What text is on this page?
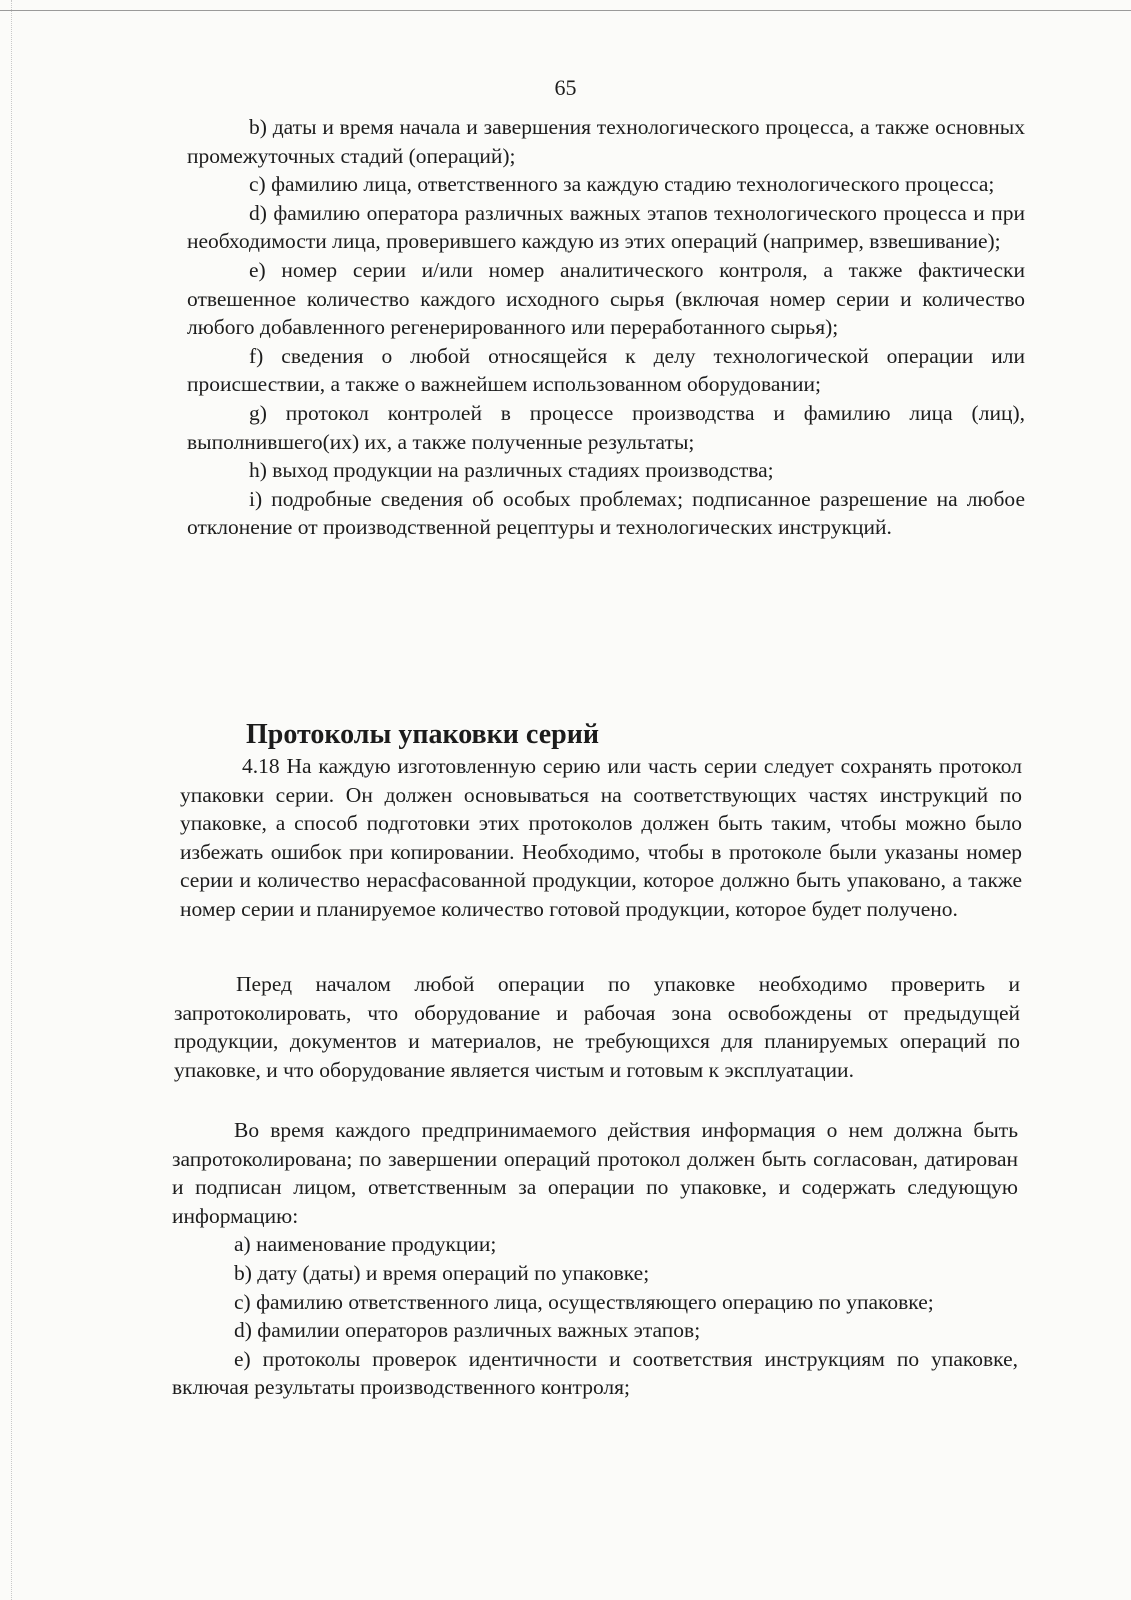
65

b) даты и время начала и завершения технологического процесса, а также основных промежуточных стадий (операций);

c) фамилию лица, ответственного за каждую стадию технологического процесса;

d) фамилию оператора различных важных этапов технологического процесса и при необходимости лица, проверившего каждую из этих операций (например, взвешивание);

e) номер серии и/или номер аналитического контроля, а также фактически отвешенное количество каждого исходного сырья (включая номер серии и количество любого добавленного регенерированного или переработанного сырья);

f) сведения о любой относящейся к делу технологической операции или происшествии, а также о важнейшем использованном оборудовании;

g) протокол контролей в процессе производства и фамилию лица (лиц), выполнившего(их) их, а также полученные результаты;

h) выход продукции на различных стадиях производства;

i) подробные сведения об особых проблемах; подписанное разрешение на любое отклонение от производственной рецептуры и технологических инструкций.

Протоколы упаковки серий

4.18 На каждую изготовленную серию или часть серии следует сохранять протокол упаковки серии. Он должен основываться на соответствующих частях инструкций по упаковке, а способ подготовки этих протоколов должен быть таким, чтобы можно было избежать ошибок при копировании. Необходимо, чтобы в протоколе были указаны номер серии и количество нерасфасованной продукции, которое должно быть упаковано, а также номер серии и планируемое количество готовой продукции, которое будет получено.

Перед началом любой операции по упаковке необходимо проверить и запротоколировать, что оборудование и рабочая зона освобождены от предыдущей продукции, документов и материалов, не требующихся для планируемых операций по упаковке, и что оборудование является чистым и готовым к эксплуатации.

Во время каждого предпринимаемого действия информация о нем должна быть запротоколирована; по завершении операций протокол должен быть согласован, датирован и подписан лицом, ответственным за операции по упаковке, и содержать следующую информацию:

a) наименование продукции;

b) дату (даты) и время операций по упаковке;

c) фамилию ответственного лица, осуществляющего операцию по упаковке;

d) фамилии операторов различных важных этапов;

e) протоколы проверок идентичности и соответствия инструкциям по упаковке, включая результаты производственного контроля;
